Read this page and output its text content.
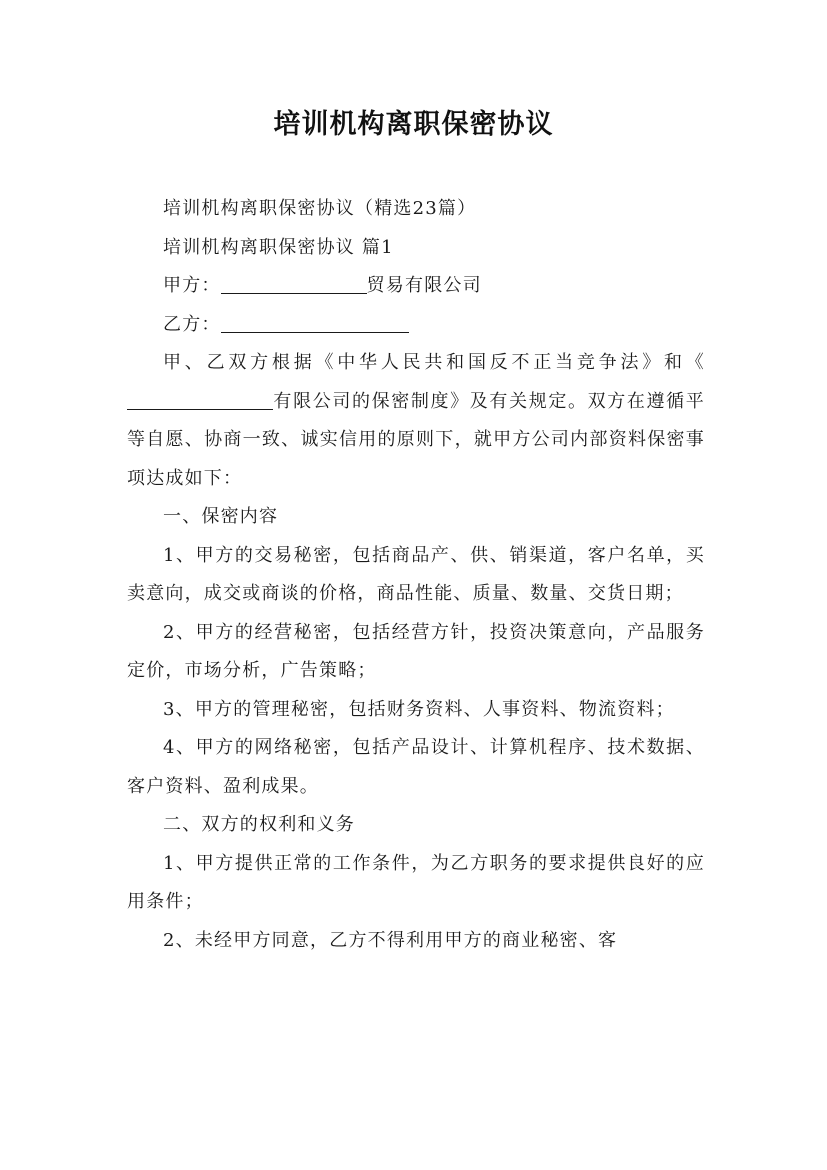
培训机构离职保密协议

培训机构离职保密协议（精选23篇）

培训机构离职保密协议 篇1

甲方：	贸易有限公司

乙方：

甲、乙双方根据《中华人民共和国反不正当竞争法》和《有限公司的保密制度》及有关规定。双方在遵循平等自愿、协商一致、诚实信用的原则下，就甲方公司内部资料保密事项达成如下：

一、保密内容

1、甲方的交易秘密，包括商品产、供、销渠道，客户名单，买卖意向，成交或商谈的价格，商品性能、质量、数量、交货日期；

2、甲方的经营秘密，包括经营方针，投资决策意向，产品服务定价，市场分析，广告策略；

3、甲方的管理秘密，包括财务资料、人事资料、物流资料；

4、甲方的网络秘密，包括产品设计、计算机程序、技术数据、客户资料、盈利成果。

二、双方的权利和义务

1、甲方提供正常的工作条件，为乙方职务的要求提供良好的应用条件；

2、未经甲方同意，乙方不得利用甲方的商业秘密、客
